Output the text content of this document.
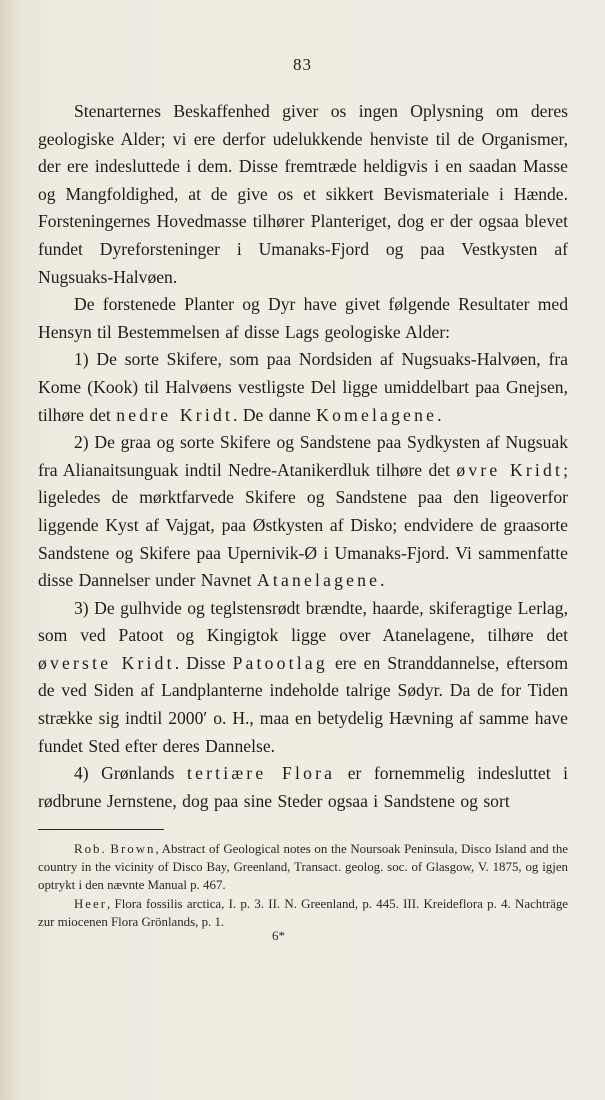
83

Stenarternes Beskaffenhed giver os ingen Oplysning om deres geologiske Alder; vi ere derfor udelukkende henviste til de Organismer, der ere indesluttede i dem. Disse fremtræde heldigvis i en saadan Masse og Mangfoldighed, at de give os et sikkert Bevismateriale i Hænde. Forsteningernes Hovedmasse tilhører Planteriget, dog er der ogsaa blevet fundet Dyreforsteninger i Umanaks-Fjord og paa Vestkysten af Nugsuaks-Halvøen.

De forstenede Planter og Dyr have givet følgende Resultater med Hensyn til Bestemmelsen af disse Lags geologiske Alder:

1) De sorte Skifere, som paa Nordsiden af Nugsuaks-Halvøen, fra Kome (Kook) til Halvøens vestligste Del ligge umiddelbart paa Gnejsen, tilhøre det nedre Kridt. De danne Komelagene.

2) De graa og sorte Skifere og Sandstene paa Sydkysten af Nugsuak fra Alianaitsunguak indtil Nedre-Atanikerdluk tilhøre det øvre Kridt; ligeledes de mørktfarvede Skifere og Sandstene paa den ligeoverfor liggende Kyst af Vajgat, paa Østkysten af Disko; endvidere de graasorte Sandstene og Skifere paa Upernivik-Ø i Umanaks-Fjord. Vi sammenfatte disse Dannelser under Navnet Atanelagene.

3) De gulhvide og teglstensrødt brændte, haarde, skiferagtige Lerlag, som ved Patoot og Kingigtok ligge over Atanelagene, tilhøre det øverste Kridt. Disse Patootlag ere en Stranddannelse, eftersom de ved Siden af Landplanterne indeholde talrige Sødyr. Da de for Tiden strække sig indtil 2000′ o. H., maa en betydelig Hævning af samme have fundet Sted efter deres Dannelse.

4) Grønlands tertiære Flora er fornemmelig indesluttet i rødbrune Jernstene, dog paa sine Steder ogsaa i Sandstene og sort

Rob. Brown, Abstract of Geological notes on the Noursoak Peninsula, Disco Island and the country in the vicinity of Disco Bay, Greenland, Transact. geolog. soc. of Glasgow, V. 1875, og igjen optrykt i den nævnte Manual p. 467.

Heer, Flora fossilis arctica, I. p. 3. II. N. Greenland, p. 445. III. Kreideflora p. 4. Nachträge zur miocenen Flora Grönlands, p. 1.

6*
